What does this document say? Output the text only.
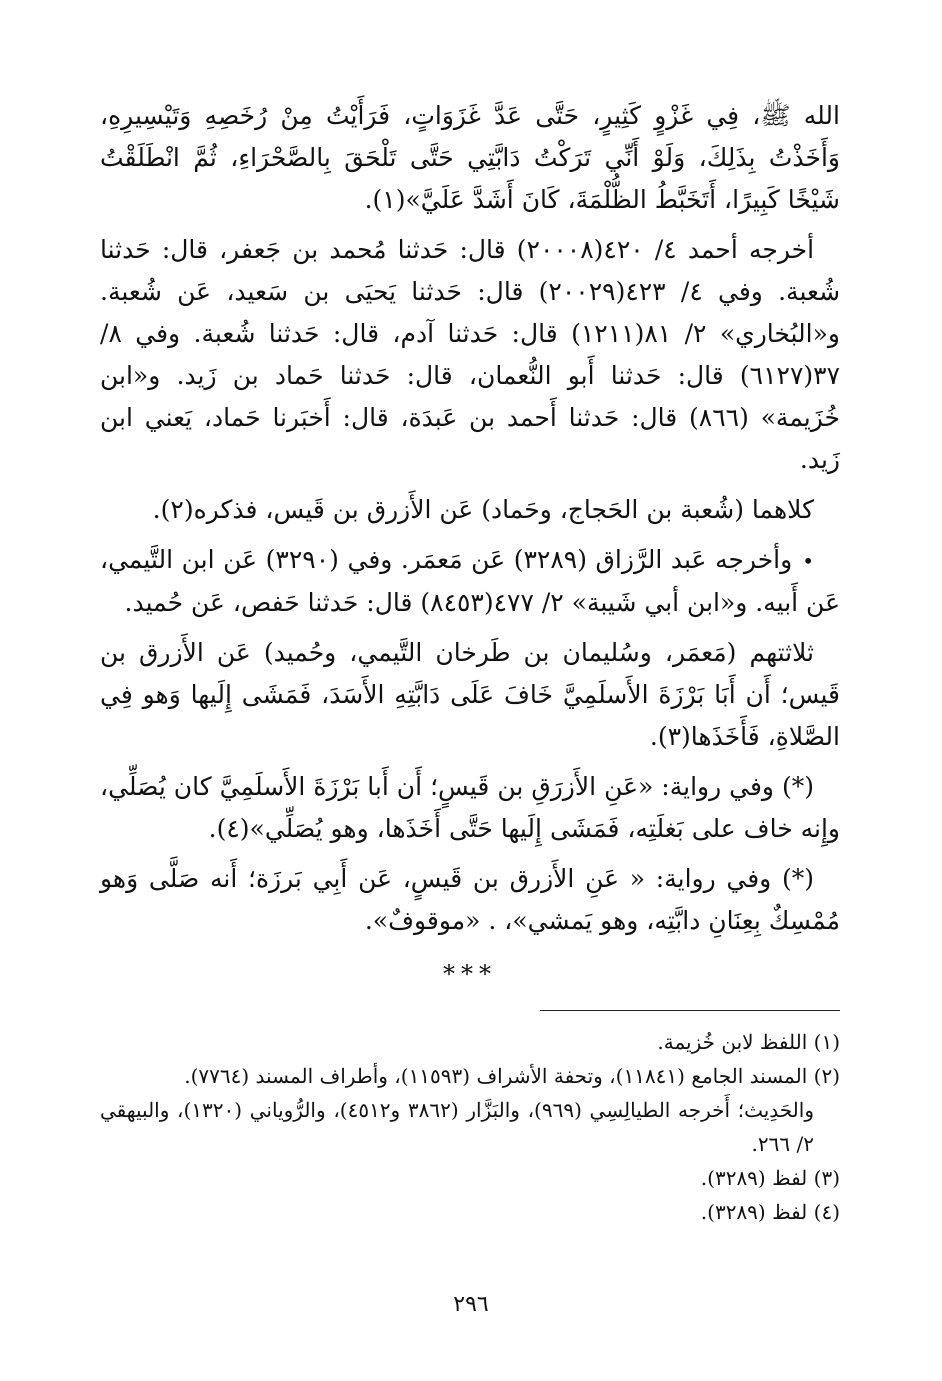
الله ﷺ، فِي غَزْوٍ كَثِيرٍ، حَتَّى عَدَّ غَزَوَاتٍ، فَرَأَيْتُ مِنْ رُخَصِهِ وَتَيْسِيرِهِ، وَأَخَذْتُ بِذَلِكَ، وَلَوْ أَنِّي تَرَكْتُ دَابَّتِي حَتَّى تَلْحَقَ بِالصَّحْرَاءِ، ثُمَّ انْطَلَقْتُ شَيْخًا كَبِيرًا، أَتَخَبَّطُ الظُّلْمَةَ، كَانَ أَشَدَّ عَلَيَّ»(١).

أخرجه أحمد ٤/ ٤٢٠(٢٠٠٠٨) قال: حَدثنا مُحمد بن جَعفر، قال: حَدثنا شُعبة. وفي ٤/ ٤٢٣(٢٠٠٢٩) قال: حَدثنا يَحيَى بن سَعيد، عَن شُعبة. و«البُخاري» ٢/ ٨١(١٢١١) قال: حَدثنا آدم، قال: حَدثنا شُعبة. وفي ٨/ ٣٧(٦١٢٧) قال: حَدثنا أَبو النُّعمان، قال: حَدثنا حَماد بن زَيد. و«ابن خُزَيمة» (٨٦٦) قال: حَدثنا أَحمد بن عَبدَة، قال: أَخبَرنا حَماد، يَعني ابن زَيد.

كلاهما (شُعبة بن الحَجاج، وحَماد) عَن الأَزرق بن قَيس، فذكره(٢).

•وأخرجه عَبد الرَّزاق (٣٢٨٩) عَن مَعمَر. وفي (٣٢٩٠) عَن ابن التَّيمي، عَن أَبيه. و«ابن أبي شَيبة» ٢/ ٤٧٧(٨٤٥٣) قال: حَدثنا حَفص، عَن حُميد.

ثلاثتهم (مَعمَر، وسُليمان بن طَرخان التَّيمي، وحُميد) عَن الأَزرق بن قَيس؛ أَن أَبَا بَرْزَةَ الأَسلَمِيَّ خَافَ عَلَى دَابَّتِهِ الأَسَدَ، فَمَشَى إِلَيها وَهو فِي الصَّلاةِ، فَأَخَذَها(٣).

(*) وفي رواية: «عَنِ الأَزرَقِ بن قَيسٍ؛ أَن أَبا بَرْزَةَ الأَسلَمِيَّ كان يُصَلِّي، وإِنه خاف على بَغلَتِه، فَمَشَى إِلَيها حَتَّى أَخَذَها، وهو يُصَلِّي»(٤).

(*) وفي رواية: « عَنِ الأَزرق بن قَيسٍ، عَن أَبِي بَرزَة؛ أَنه صَلَّى وَهو مُمْسِكٌ بِعِنَانِ دابَّتِه، وهو يَمشي»، . «موقوفٌ».

***

(١) اللفظ لابن خُزيمة.

(٢) المسند الجامع (١١٨٤١)، وتحفة الأشراف (١١٥٩٣)، وأطراف المسند (٧٧٦٤).

والحَدِيث؛ أَخرجه الطيالِسِي (٩٦٩)، والبَزَّار (٣٨٦٢ و٤٥١٢)، والرُّوياني (١٣٢٠)، والبيهقي ٢/ ٢٦٦.

(٣) لفظ (٣٢٨٩).

(٤) لفظ (٣٢٨٩).

٢٩٦
